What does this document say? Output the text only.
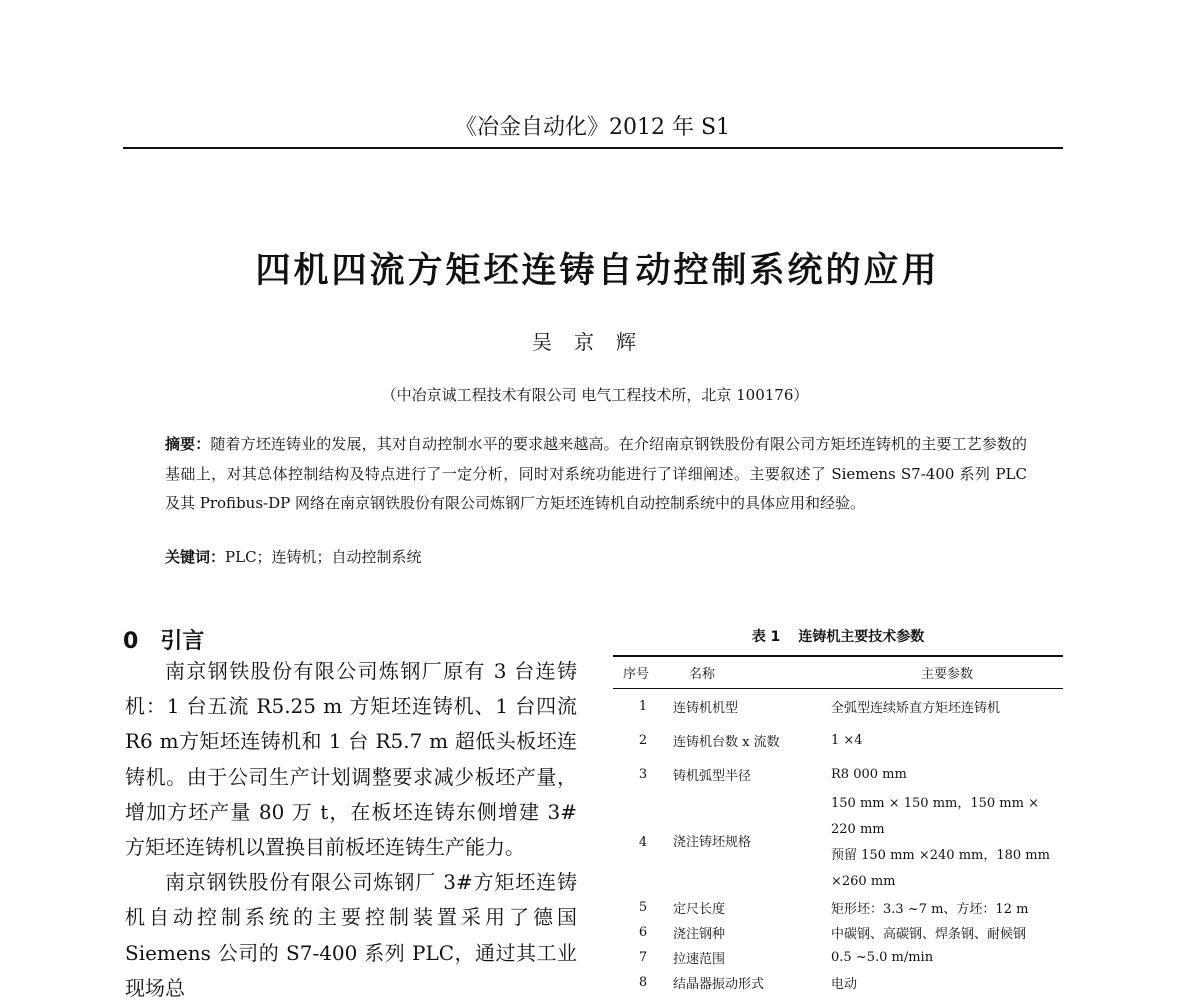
《冶金自动化》2012 年 S1
四机四流方矩坯连铸自动控制系统的应用
吴京辉
（中冶京诚工程技术有限公司 电气工程技术所，北京 100176）
摘要：随着方坯连铸业的发展，其对自动控制水平的要求越来越高。在介绍南京钢铁股份有限公司方矩坯连铸机的主要工艺参数的基础上，对其总体控制结构及特点进行了一定分析，同时对系统功能进行了详细阐述。主要叙述了 Siemens S7-400 系列 PLC 及其 Profibus-DP 网络在南京钢铁股份有限公司炼钢厂方矩坯连铸机自动控制系统中的具体应用和经验。
关键词：PLC；连铸机；自动控制系统
0 引言

南京钢铁股份有限公司炼钢厂原有 3 台连铸机：1 台五流 R5.25 m 方矩坯连铸机、1 台四流 R6 m方矩坯连铸机和 1 台 R5.7 m 超低头板坯连铸机。由于公司生产计划调整要求减少板坯产量，增加方坯产量 80 万 t，在板坯连铸东侧增建 3# 方矩坯连铸机以置换目前板坯连铸生产能力。

南京钢铁股份有限公司炼钢厂 3#方矩坯连铸机自动控制系统的主要控制装置采用了德国 Siemens 公司的 S7-400 系列 PLC，通过其工业现场总

表 1 连铸机主要技术参数
序号	名称	主要参数
1	连铸机机型	全弧型连续矫直方矩坯连铸机
2	连铸机台数 x 流数	1 ×4
3	铸机弧型半径	R8 000 mm
4	浇注铸坯规格	150 mm × 150 mm，150 mm × 220 mm
预留 150 mm ×240 mm，180 mm ×260 mm
5	定尺长度	矩形坯：3.3 ~7 m、方坯：12 m
6	浇注钢种	中碳钢、高碳钢、焊条钢、耐候钢
7	拉速范围	0.5 ~5.0 m/min
8	结晶器振动形式	电动
